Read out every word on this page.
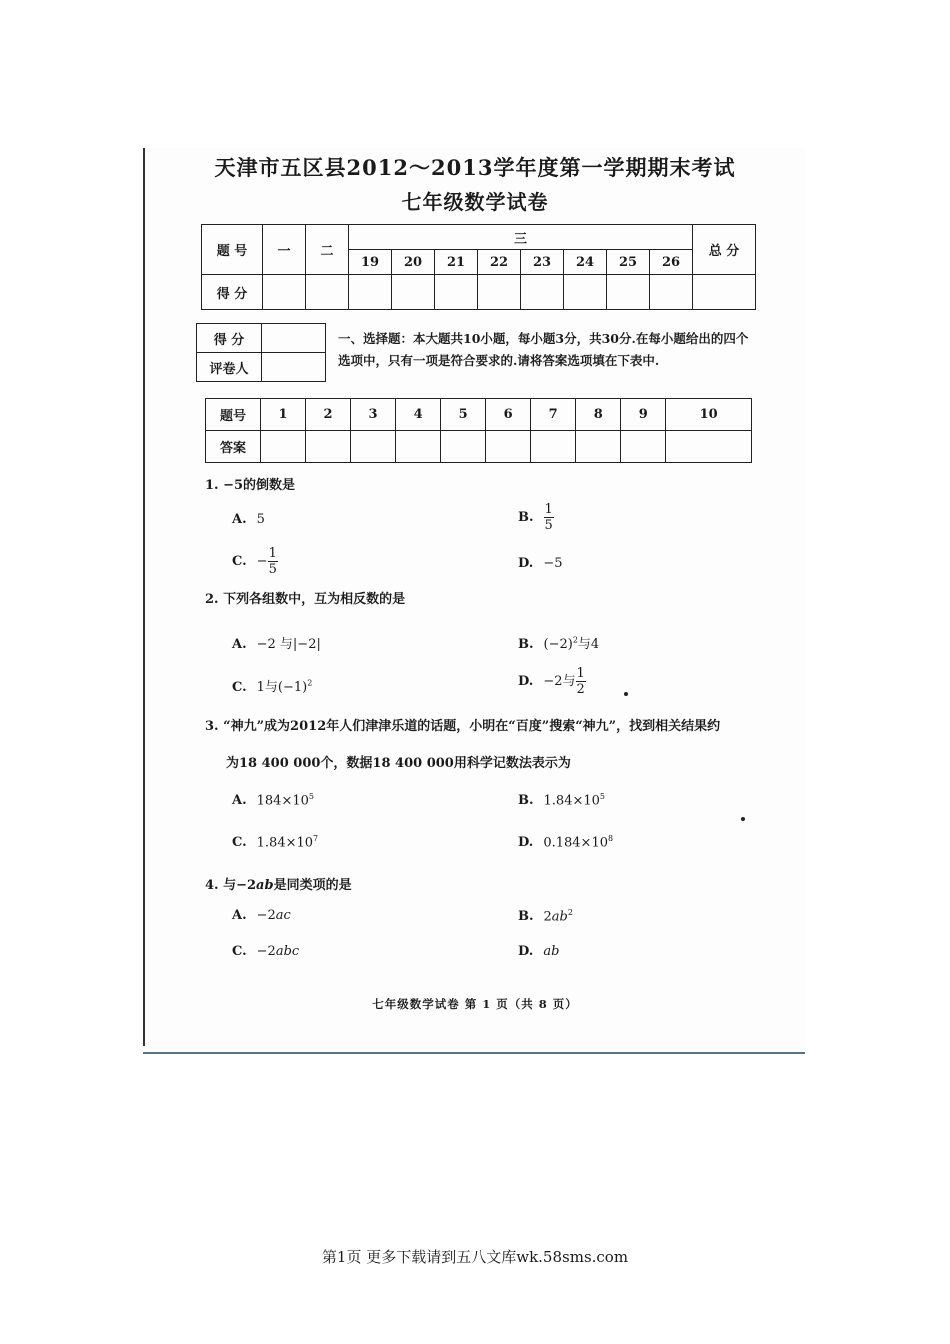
天津市五区县2012～2013学年度第一学期期末考试
七年级数学试卷
题 号	一	二	三								总 分
			19	20	21	22	23	24	25	26	
得 分											
得 分	
评卷人	
一、选择题：本大题共10小题，每小题3分，共30分.在每小题给出的四个选项中，只有一项是符合要求的.请将答案选项填在下表中.
题号	1	2	3	4	5	6	7	8	9	10
答案										
1. −5的倒数是
A. 5	B. $\frac{1}{5}$
C. − $\frac{1}{5}$	D. −5
2. 下列各组数中，互为相反数的是
A. −2 与|−2|	B. $(-2)^2$与4
C. 1与$(-1)^2$	D. −2与 $\frac{1}{2}$
3. “神九”成为2012年人们津津乐道的话题，小明在“百度”搜索“神九”，找到相关结果约
为18 400 000个，数据18 400 000用科学记数法表示为
A. $184\times 10^5$	B. $1.84\times 10^5$
C. $1.84\times 10^7$	D. $0.184\times 10^8$
4. 与−2ab是同类项的是
A. −2ac	B. $2ab^2$
C. −2abc	D. ab
七年级数学试卷 第 1 页（共 8 页）
第1页 更多下载请到五八文库wk.58sms.com
